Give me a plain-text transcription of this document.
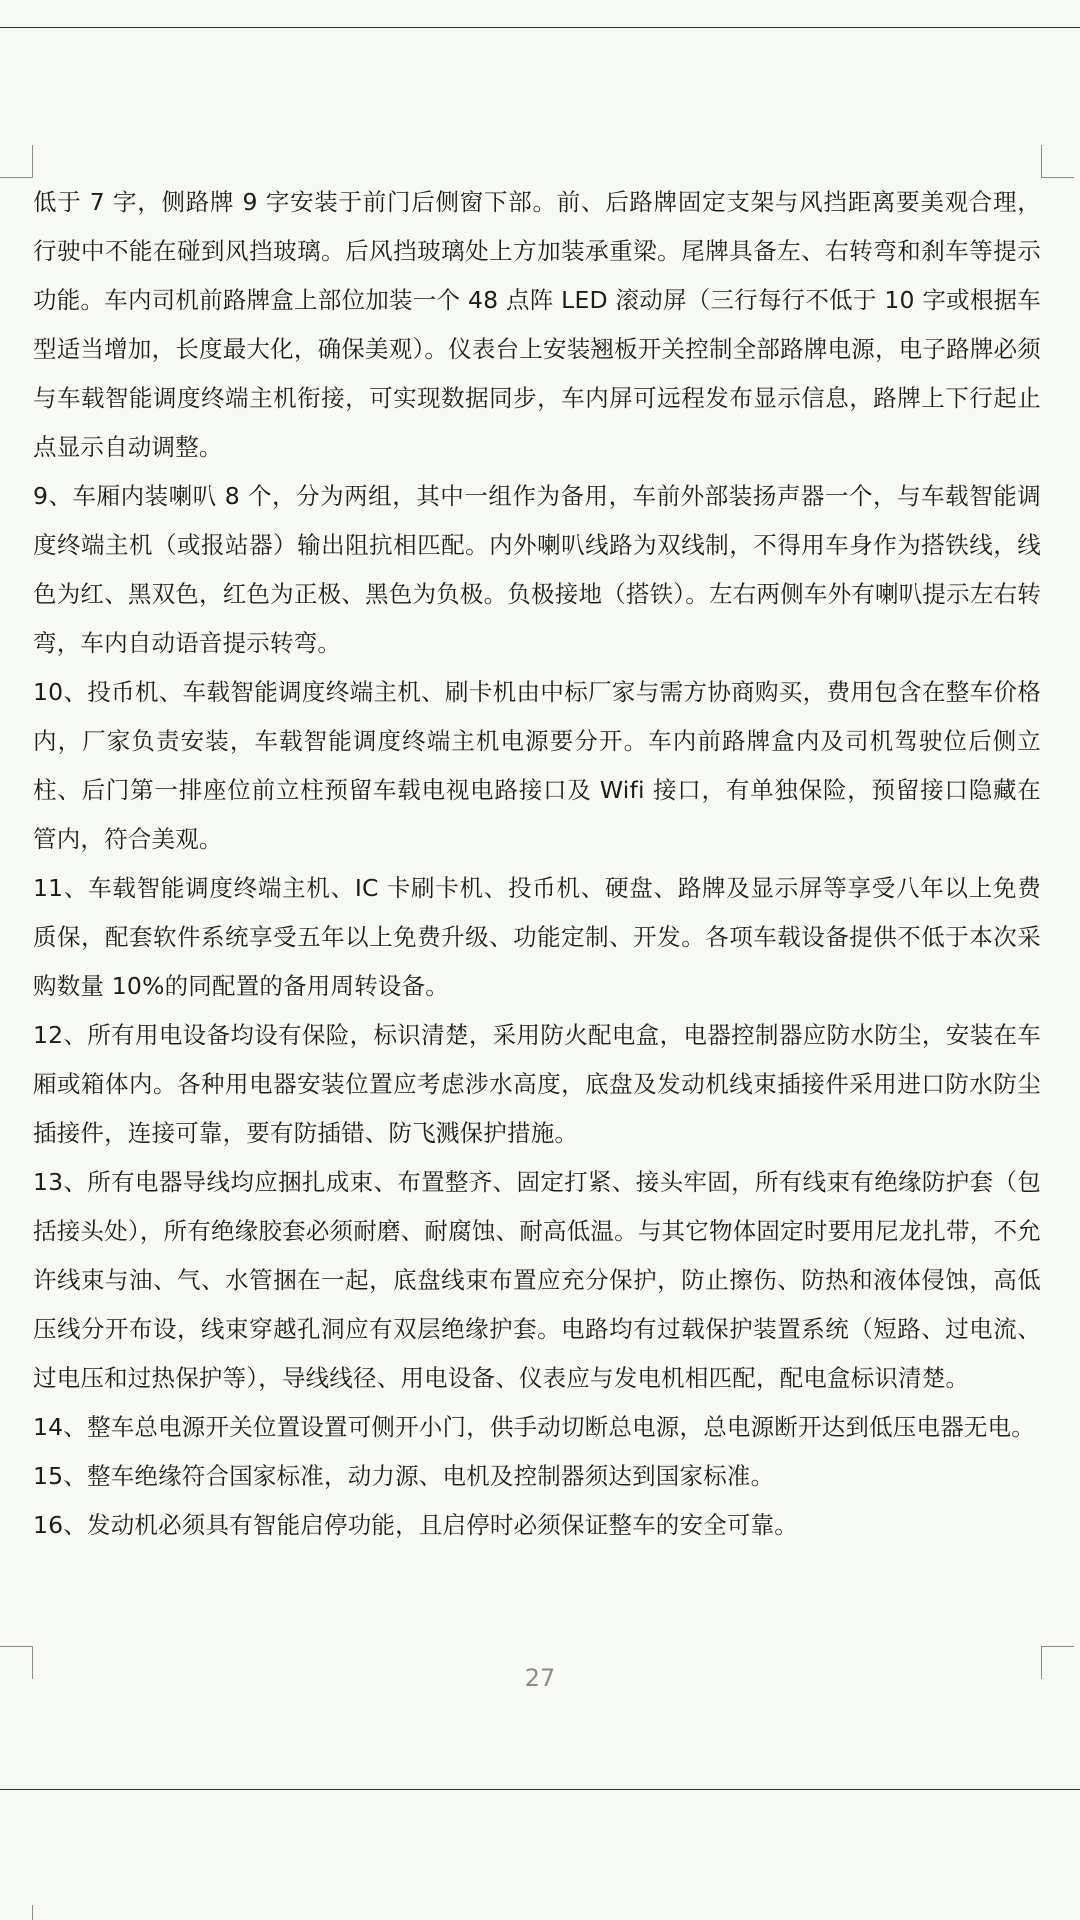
低于 7 字，侧路牌 9 字安装于前门后侧窗下部。前、后路牌固定支架与风挡距离要美观合理，行驶中不能在碰到风挡玻璃。后风挡玻璃处上方加装承重梁。尾牌具备左、右转弯和刹车等提示功能。车内司机前路牌盒上部位加装一个 48 点阵 LED 滚动屏（三行每行不低于 10 字或根据车型适当增加，长度最大化，确保美观）。仪表台上安装翘板开关控制全部路牌电源，电子路牌必须与车载智能调度终端主机衔接，可实现数据同步，车内屏可远程发布显示信息，路牌上下行起止点显示自动调整。

9、车厢内装喇叭 8 个，分为两组，其中一组作为备用，车前外部装扬声器一个，与车载智能调度终端主机（或报站器）输出阻抗相匹配。内外喇叭线路为双线制，不得用车身作为搭铁线，线色为红、黑双色，红色为正极、黑色为负极。负极接地（搭铁）。左右两侧车外有喇叭提示左右转弯，车内自动语音提示转弯。

10、投币机、车载智能调度终端主机、刷卡机由中标厂家与需方协商购买，费用包含在整车价格内，厂家负责安装，车载智能调度终端主机电源要分开。车内前路牌盒内及司机驾驶位后侧立柱、后门第一排座位前立柱预留车载电视电路接口及 Wifi 接口，有单独保险，预留接口隐藏在管内，符合美观。

11、车载智能调度终端主机、IC 卡刷卡机、投币机、硬盘、路牌及显示屏等享受八年以上免费质保，配套软件系统享受五年以上免费升级、功能定制、开发。各项车载设备提供不低于本次采购数量 10%的同配置的备用周转设备。

12、所有用电设备均设有保险，标识清楚，采用防火配电盒，电器控制器应防水防尘，安装在车厢或箱体内。各种用电器安装位置应考虑涉水高度，底盘及发动机线束插接件采用进口防水防尘插接件，连接可靠，要有防插错、防飞溅保护措施。

13、所有电器导线均应捆扎成束、布置整齐、固定打紧、接头牢固，所有线束有绝缘防护套（包括接头处），所有绝缘胶套必须耐磨、耐腐蚀、耐高低温。与其它物体固定时要用尼龙扎带，不允许线束与油、气、水管捆在一起，底盘线束布置应充分保护，防止擦伤、防热和液体侵蚀，高低压线分开布设，线束穿越孔洞应有双层绝缘护套。电路均有过载保护装置系统（短路、过电流、过电压和过热保护等），导线线径、用电设备、仪表应与发电机相匹配，配电盒标识清楚。

14、整车总电源开关位置设置可侧开小门，供手动切断总电源，总电源断开达到低压电器无电。

15、整车绝缘符合国家标准，动力源、电机及控制器须达到国家标准。

16、发动机必须具有智能启停功能，且启停时必须保证整车的安全可靠。

27
